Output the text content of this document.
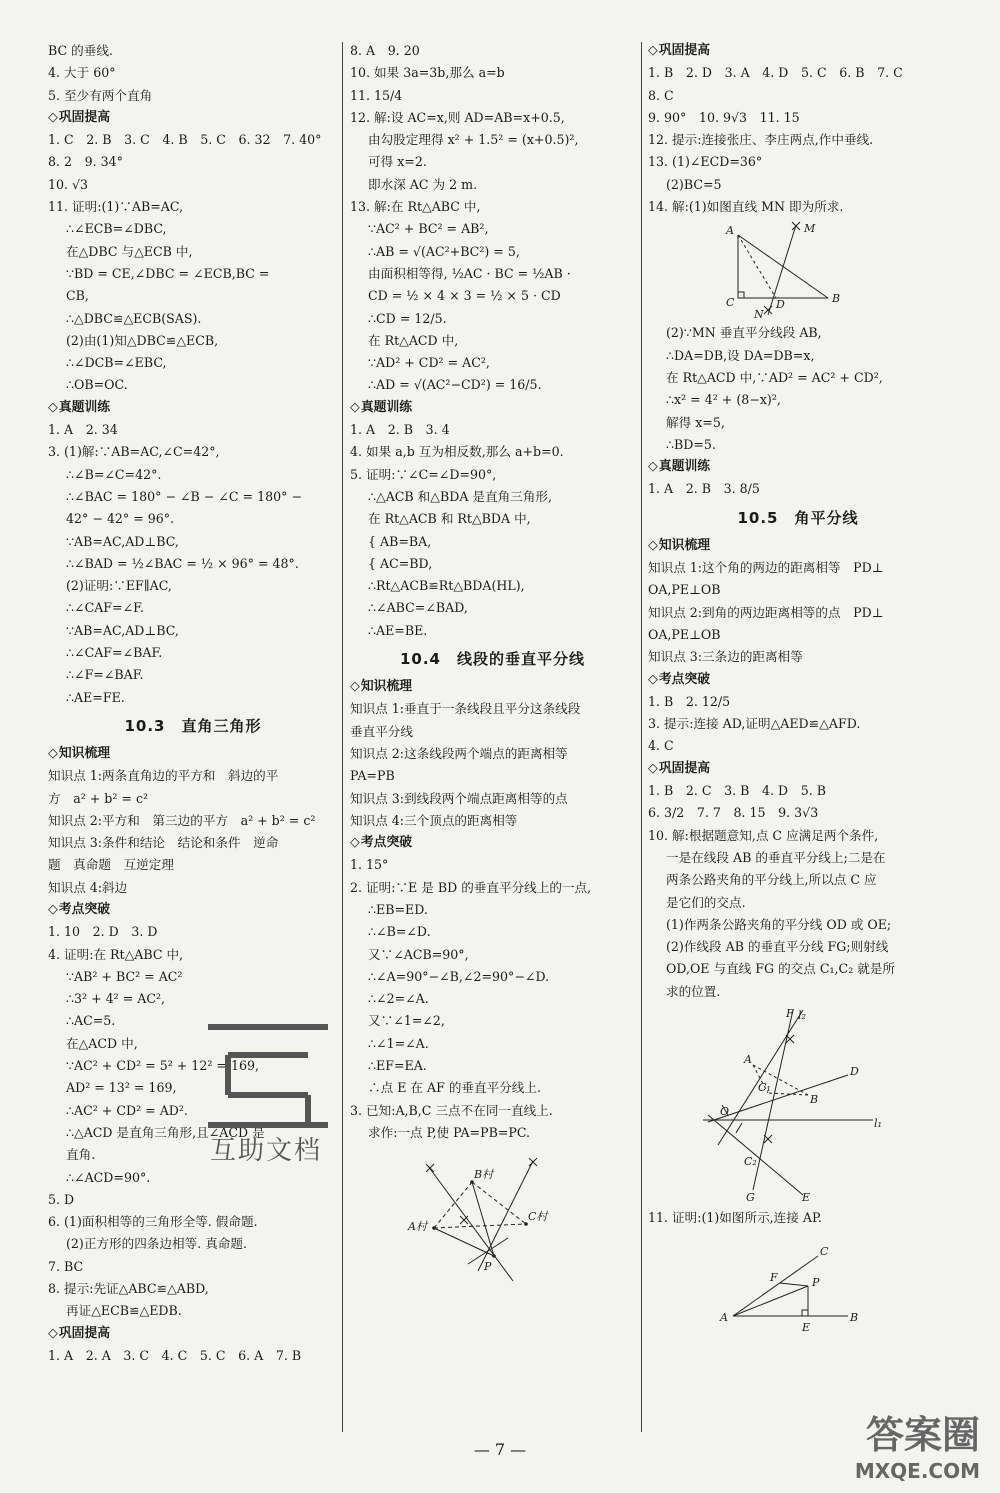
BC 的垂线.
4. 大于 60°
5. 至少有两个直角
◇ 巩固提高
1. C　2. B　3. C　4. B　5. C　6. 32　7. 40°
8. 2　9. 34°
10. √3
11. 证明:(1)∵AB=AC,
∴∠ECB=∠DBC,
在△DBC 与△ECB 中,
∵BD = CE,∠DBC = ∠ECB,BC =
CB,
∴△DBC≌△ECB(SAS).
(2)由(1)知△DBC≌△ECB,
∴∠DCB=∠EBC,
∴OB=OC.
◇ 真题训练
1. A　2. 34
3. (1)解:∵AB=AC,∠C=42°,
∴∠B=∠C=42°.
∴∠BAC = 180° − ∠B − ∠C = 180° −
42° − 42° = 96°.
∵AB=AC,AD⊥BC,
∴∠BAD = ½∠BAC = ½ × 96° = 48°.
(2)证明:∵EF∥AC,
∴∠CAF=∠F.
∵AB=AC,AD⊥BC,
∴∠CAF=∠BAF.
∴∠F=∠BAF.
∴AE=FE.
10.3　直角三角形
◇ 知识梳理
知识点 1:两条直角边的平方和　斜边的平
方　a² + b² = c²
知识点 2:平方和　第三边的平方　a² + b² = c²
知识点 3:条件和结论　结论和条件　逆命
题　真命题　互逆定理
知识点 4:斜边
◇ 考点突破
1. 10　2. D　3. D
4. 证明:在 Rt△ABC 中,
∵AB² + BC² = AC²
∴3² + 4² = AC²,
∴AC=5.
在△ACD 中,
∵AC² + CD² = 5² + 12² = 169,
AD² = 13² = 169,
∴AC² + CD² = AD².
∴△ACD 是直角三角形,且∠ACD 是
直角.
∴∠ACD=90°.
5. D
6. (1)面积相等的三角形全等. 假命题.
(2)正方形的四条边相等. 真命题.
7. BC
8. 提示:先证△ABC≌△ABD,
再证△ECB≌△EDB.
◇ 巩固提高
1. A　2. A　3. C　4. C　5. C　6. A　7. B
8. A　9. 20
10. 如果 3a=3b,那么 a=b
11. 15/4
12. 解:设 AC=x,则 AD=AB=x+0.5,
由勾股定理得 x² + 1.5² = (x+0.5)²,
可得 x=2.
即水深 AC 为 2 m.
13. 解:在 Rt△ABC 中,
∵AC² + BC² = AB²,
∴AB = √(AC²+BC²) = 5,
由面积相等得, ½AC · BC = ½AB ·
CD = ½ × 4 × 3 = ½ × 5 · CD
∴CD = 12/5.
在 Rt△ACD 中,
∵AD² + CD² = AC²,
∴AD = √(AC²−CD²) = 16/5.
◇ 真题训练
1. A　2. B　3. 4
4. 如果 a,b 互为相反数,那么 a+b=0.
5. 证明:∵∠C=∠D=90°,
∴△ACB 和△BDA 是直角三角形,
在 Rt△ACB 和 Rt△BDA 中,
{ AB=BA,
{ AC=BD,
∴Rt△ACB≌Rt△BDA(HL),
∴∠ABC=∠BAD,
∴AE=BE.
10.4　线段的垂直平分线
◇ 知识梳理
知识点 1:垂直于一条线段且平分这条线段
垂直平分线
知识点 2:这条线段两个端点的距离相等
PA=PB
知识点 3:到线段两个端点距离相等的点
知识点 4:三个顶点的距离相等
◇ 考点突破
1. 15°
2. 证明:∵E 是 BD 的垂直平分线上的一点,
∴EB=ED.
∴∠B=∠D.
又∵∠ACB=90°,
∴∠A=90°−∠B,∠2=90°−∠D.
∴∠2=∠A.
又∵∠1=∠2,
∴∠1=∠A.
∴EF=EA.
∴点 E 在 AF 的垂直平分线上.
3. 已知:A,B,C 三点不在同一直线上.
求作:一点 P,使 PA=PB=PC.
A村
B村
C村
P
◇ 巩固提高
1. B　2. D　3. A　4. D　5. C　6. B　7. C
8. C
9. 90°　10. 9√3　11. 15
12. 提示:连接张庄、李庄两点,作中垂线.
13. (1)∠ECD=36°
(2)BC=5
14. 解:(1)如图直线 MN 即为所求.
A
B
C	D
M
N
(2)∵MN 垂直平分线段 AB,
∴DA=DB,设 DA=DB=x,
在 Rt△ACD 中,∵AD² = AC² + CD²,
∴x² = 4² + (8−x)²,
解得 x=5,
∴BD=5.
◇ 真题训练
1. A　2. B　3. 8/5
10.5　角平分线
◇ 知识梳理
知识点 1:这个角的两边的距离相等　PD⊥
OA,PE⊥OB
知识点 2:到角的两边距离相等的点　PD⊥
OA,PE⊥OB
知识点 3:三条边的距离相等
◇ 考点突破
1. B　2. 12/5
3. 提示:连接 AD,证明△AED≌△AFD.
4. C
◇ 巩固提高
1. B　2. C　3. B　4. D　5. B
6. 3/2　7. 7　8. 15　9. 3√3
10. 解:根据题意知,点 C 应满足两个条件,
一是在线段 AB 的垂直平分线上;二是在
两条公路夹角的平分线上,所以点 C 应
是它们的交点.
(1)作两条公路夹角的平分线 OD 或 OE;
(2)作线段 AB 的垂直平分线 FG;则射线
OD,OE 与直线 FG 的交点 C₁,C₂ 就是所
求的位置.
F l₂
A
D
C₁
B
O
l₁
C₂
G	E
11. 证明:(1)如图所示,连接 AP.
C
F	P
A
E
B
互助文档
— 7 —	答案圈
MXQE.COM
